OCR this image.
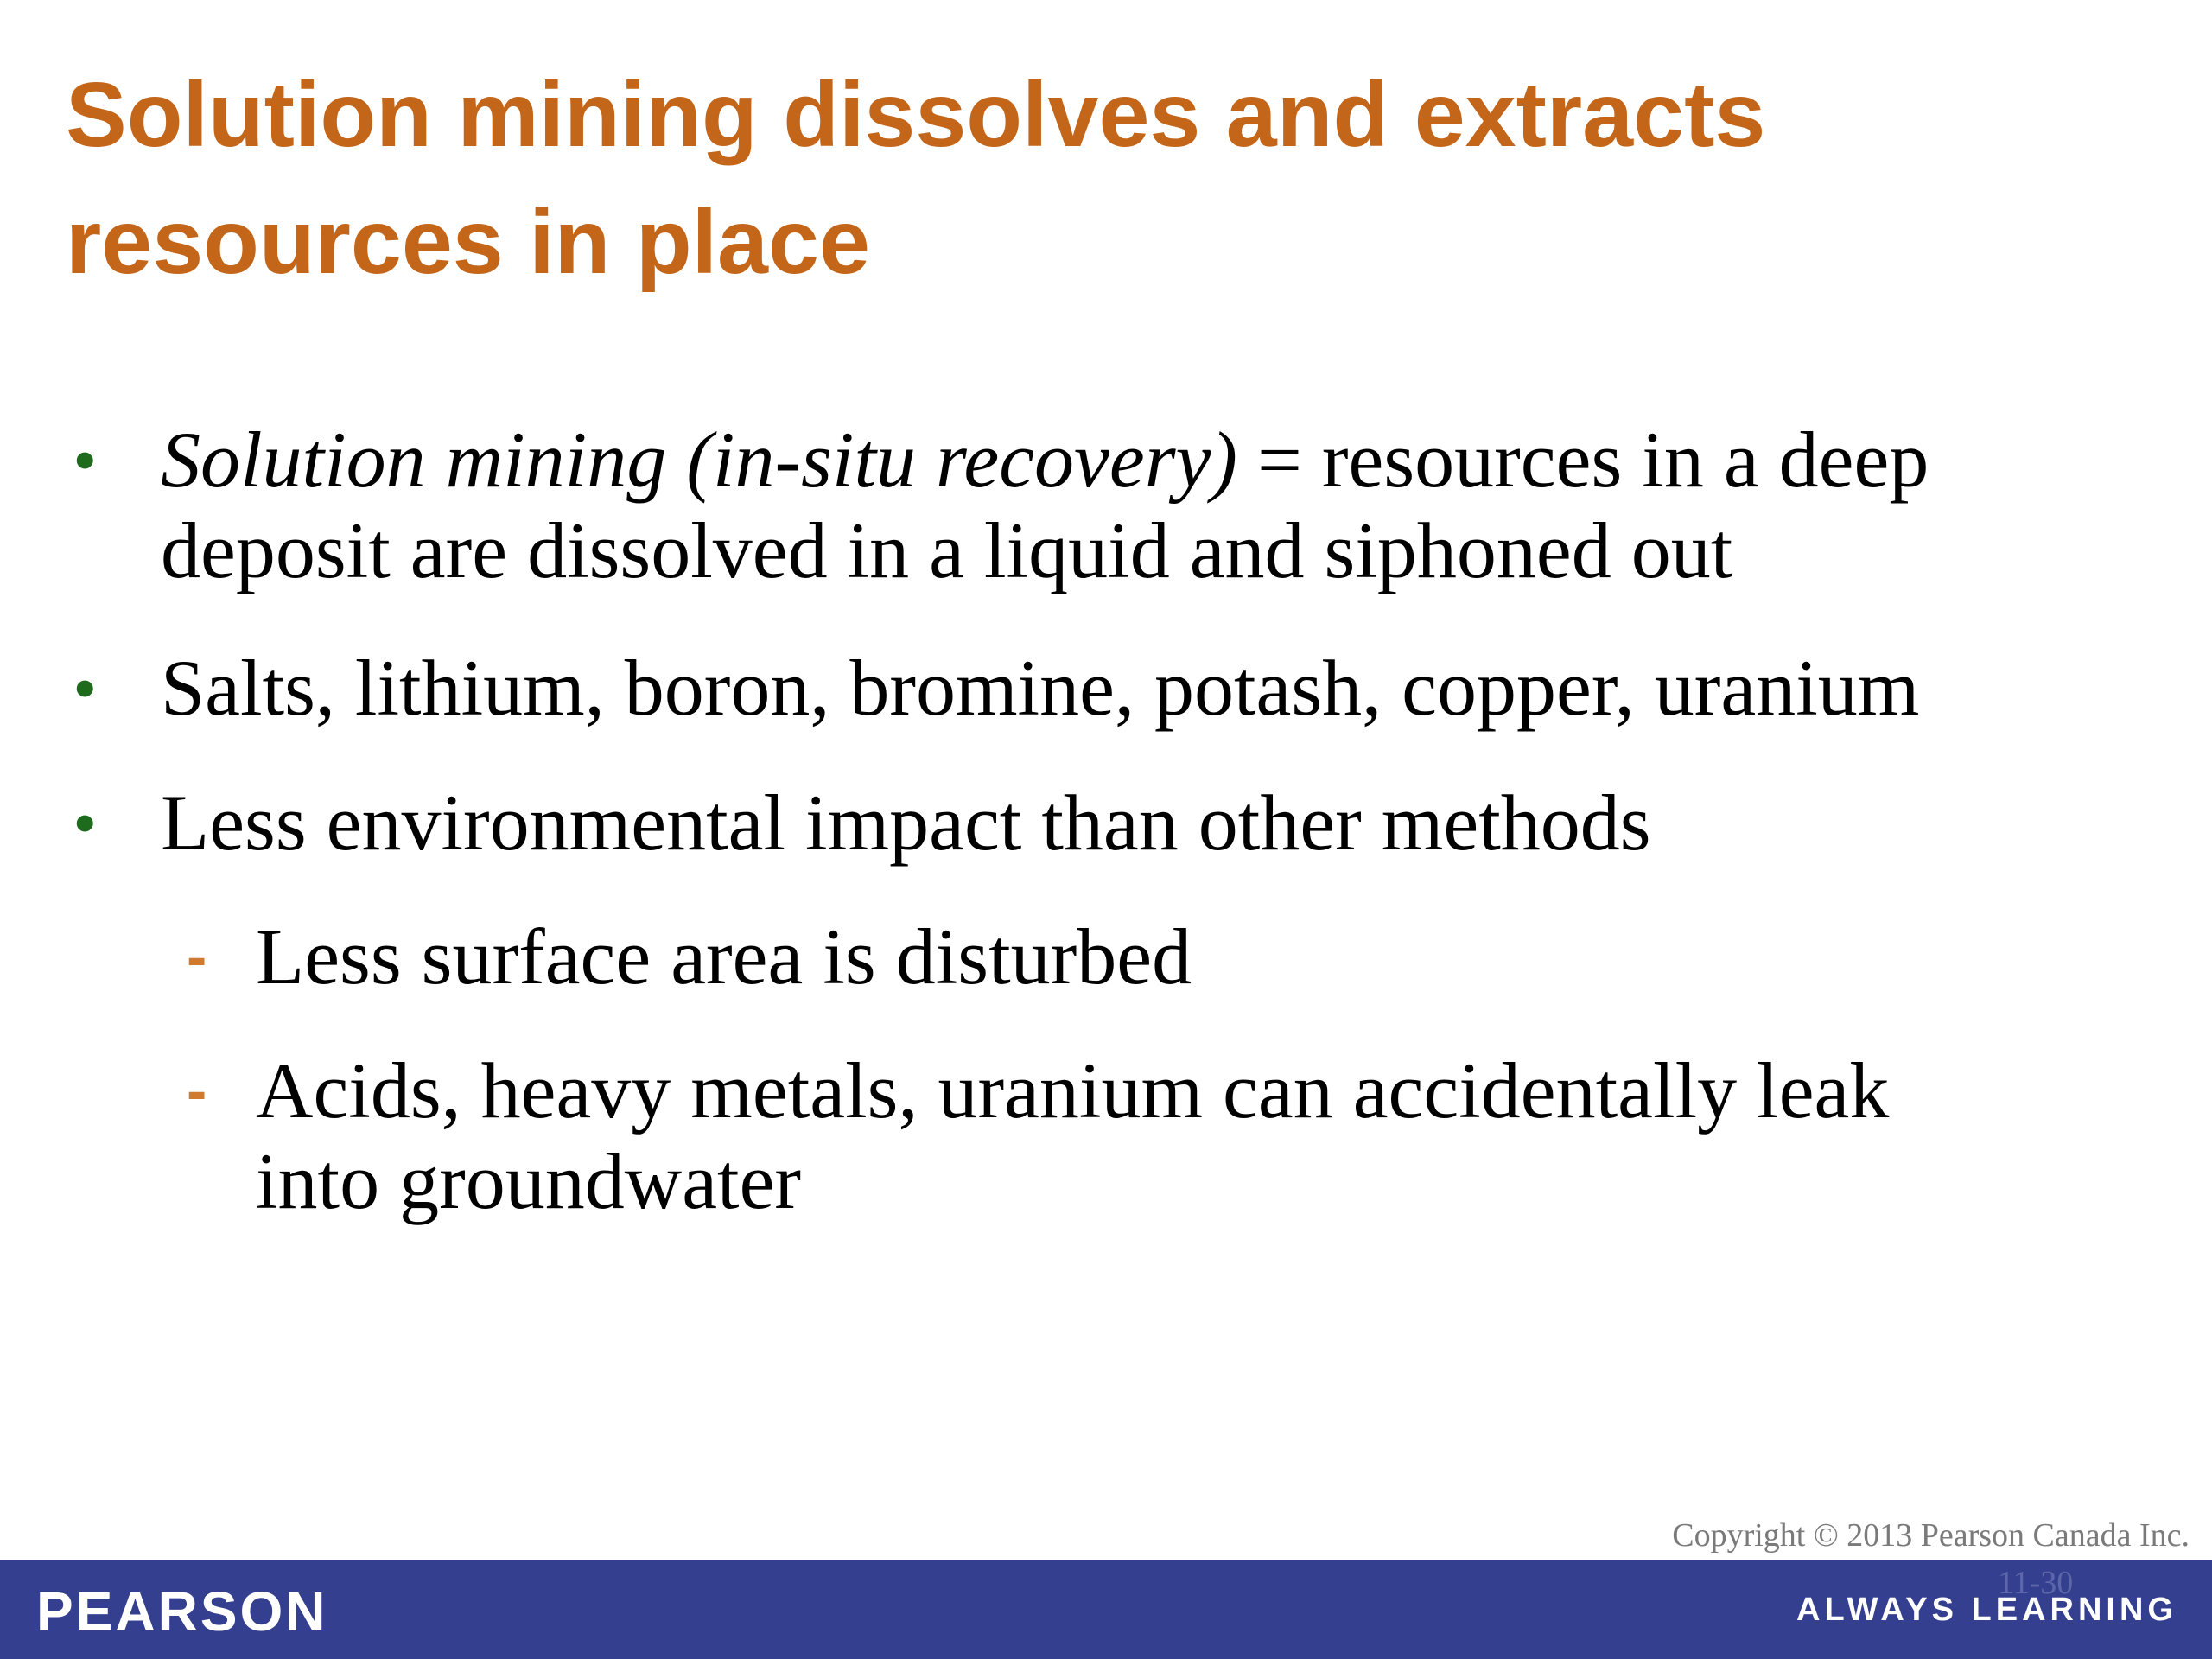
Solution mining dissolves and extracts
resources in place
• Solution mining (in-situ recovery) = resources in a deep
deposit are dissolved in a liquid and siphoned out
• Salts, lithium, boron, bromine, potash, copper, uranium
• Less environmental impact than other methods
- Less surface area is disturbed
- Acids, heavy metals, uranium can accidentally leak
into groundwater
Copyright © 2013 Pearson Canada Inc.
PEARSON	11-30
ALWAYS LEARNING
